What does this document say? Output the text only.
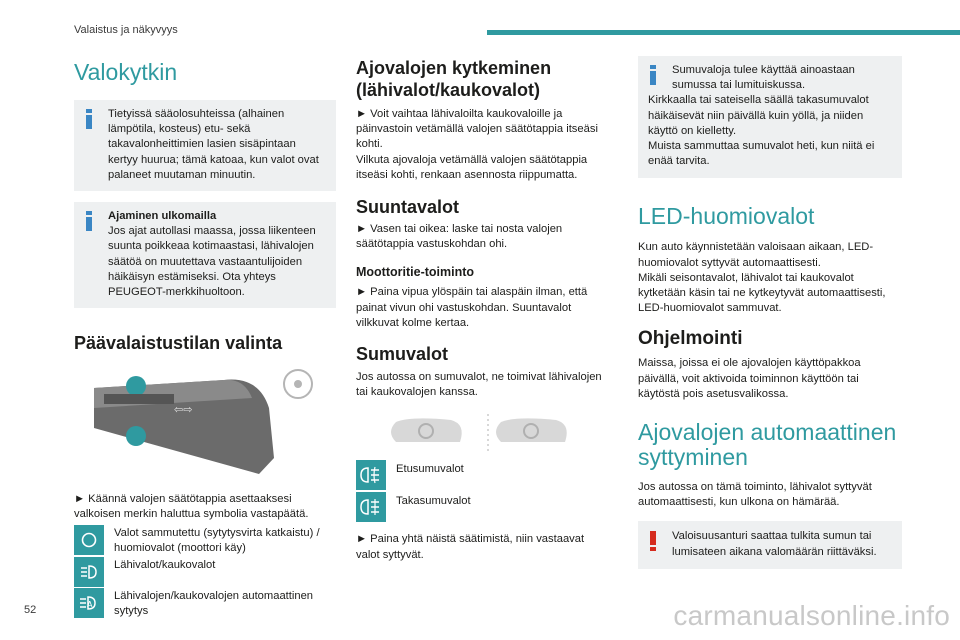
Valaistus ja näkyvyys
Valokytkin
Tietyissä sääolosuhteissa (alhainen lämpötila, kosteus) etu- sekä takavalonheittimien lasien sisäpintaan kertyy huurua; tämä katoaa, kun valot ovat palaneet muutaman minuutin.
Ajaminen ulkomailla
Jos ajat autollasi maassa, jossa liikenteen suunta poikkeaa kotimaastasi, lähivalojen säätöä on muutettava vastaantulijoiden häikäisyn estämiseksi. Ota yhteys PEUGEOT-merkkihuoltoon.
Päävalaistustilan valinta
⇦⇨
► Käännä valojen säätötappia asettaaksesi valkoisen merkin haluttua symbolia vastapäätä.
Valot sammutettu (sytytysvirta katkaistu) / huomiovalot (moottori käy)
Lähivalot/kaukovalot
A
Lähivalojen/kaukovalojen automaattinen sytytys
Ajovalojen kytkeminen (lähivalot/kaukovalot)
► Voit vaihtaa lähivaloilta kaukovaloille ja päinvastoin vetämällä valojen säätötappia itseäsi kohti.
Vilkuta ajovaloja vetämällä valojen säätötappia itseäsi kohti, renkaan asennosta riippumatta.
Suuntavalot
► Vasen tai oikea: laske tai nosta valojen säätötappia vastuskohdan ohi.
Moottoritie-toiminto
► Paina vipua ylöspäin tai alaspäin ilman, että painat vivun ohi vastuskohdan. Suuntavalot vilkkuvat kolme kertaa.
Sumuvalot
Jos autossa on sumuvalot, ne toimivat lähivalojen tai kaukovalojen kanssa.
Etusumuvalot
Takasumuvalot
► Paina yhtä näistä säätimistä, niin vastaavat valot syttyvät.
Sumuvaloja tulee käyttää ainoastaan sumussa tai lumituiskussa.
Kirkkaalla tai sateisella säällä takasumuvalot häikäisevät niin päivällä kuin yöllä, ja niiden käyttö on kielletty.
Muista sammuttaa sumuvalot heti, kun niitä ei enää tarvita.
LED-huomiovalot
Kun auto käynnistetään valoisaan aikaan, LED-huomiovalot syttyvät automaattisesti.
Mikäli seisontavalot, lähivalot tai kaukovalot kytketään käsin tai ne kytkeytyvät automaattisesti, LED-huomiovalot sammuvat.
Ohjelmointi
Maissa, joissa ei ole ajovalojen käyttöpakkoa päivällä, voit aktivoida toiminnon käyttöön tai käytöstä pois asetusvalikossa.
Ajovalojen automaattinen syttyminen
Jos autossa on tämä toiminto, lähivalot syttyvät automaattisesti, kun ulkona on hämärää.
Valoisuusanturi saattaa tulkita sumun tai lumisateen aikana valomäärän riittäväksi.
52	carmanualsonline.info
